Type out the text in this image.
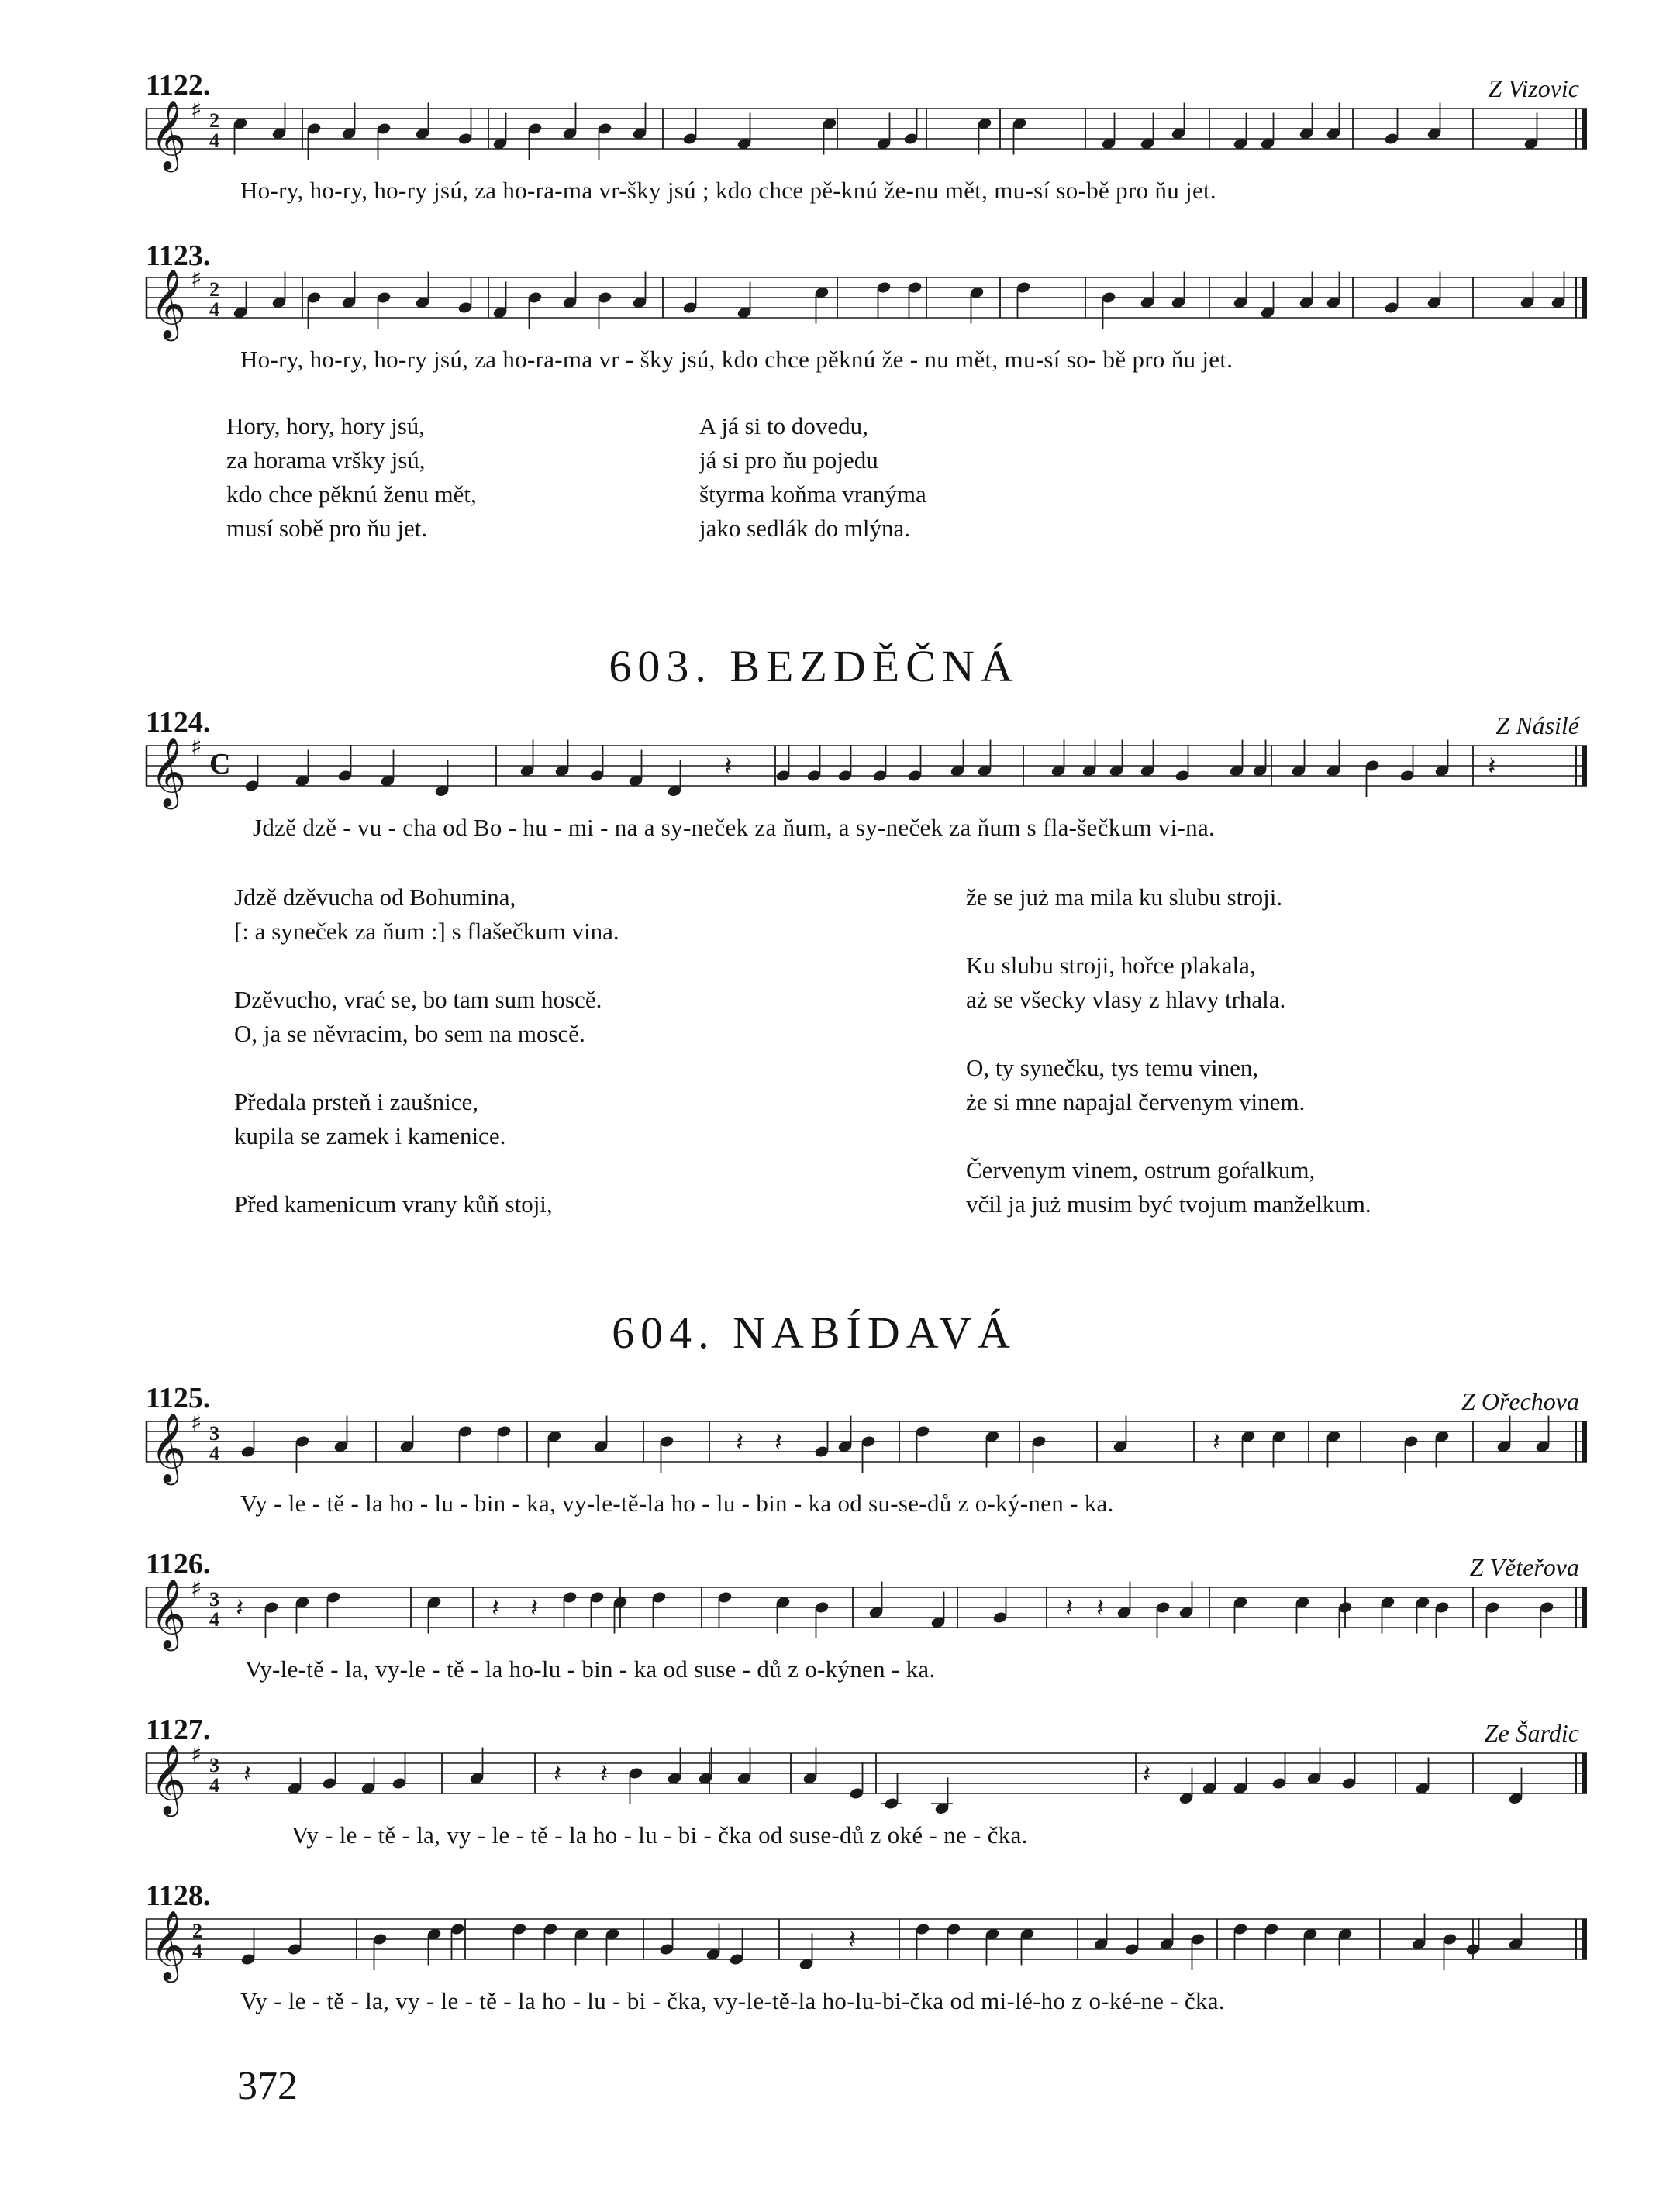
1122.	Z Vizovic
𝄞 ♯ 2
4
Ho-ry, ho-ry, ho-ry jsú, za ho-ra-ma vr-šky jsú ; kdo chce pě-knú že-nu mět, mu-sí so-bě pro ňu jet.
1123.
𝄞 ♯ 2
4
Ho-ry, ho-ry, ho-ry jsú, za ho-ra-ma vr - šky jsú, kdo chce pěknú že - nu mět, mu-sí so- bě pro ňu jet.
Hory, hory, hory jsú,
za horama vršky jsú,
kdo chce pěknú ženu mět,
musí sobě pro ňu jet.
A já si to dovedu,
já si pro ňu pojedu
štyrma koňma vranýma
jako sedlák do mlýna.
603. BEZDĚČNÁ
1124.	Z Násilé
𝄞 ♯
C	𝄽	𝄽
Jdzě dzě - vu - cha od Bo - hu - mi - na a sy-neček za ňum, a sy-neček za ňum s fla-šečkum vi-na.
Jdzě dzěvucha od Bohumina,
[: a syneček za ňum :] s flašečkum vina.
Dzěvucho, vrać se, bo tam sum hoscě.
O, ja se něvracim, bo sem na moscě.
Předala prsteň i zaušnice,
kupila se zamek i kamenice.
Před kamenicum vrany kůň stoji,
že se już ma mila ku slubu stroji.
Ku slubu stroji, hořce plakala,
aż se všecky vlasy z hlavy trhala.
O, ty synečku, tys temu vinen,
że si mne napajal červenym vinem.
Červenym vinem, ostrum goŕalkum,
včil ja już musim być tvojum manželkum.
604. NABÍDAVÁ
1125.	Z Ořechova
𝄞 ♯ 3
4	𝄽 𝄽	𝄽
Vy - le - tě - la ho - lu - bin - ka, vy-le-tě-la ho - lu - bin - ka od su-se-dů z o-ký-nen - ka.
1126.	Z Věteřova
𝄞 ♯ 3
4 𝄽	𝄽 𝄽	𝄽 𝄽
Vy-le-tě - la, vy-le - tě - la ho-lu - bin - ka od suse - dů z o-kýnen - ka.
1127.	Ze Šardic
𝄞 ♯ 3
4 𝄽	𝄽 𝄽	𝄽
Vy - le - tě - la, vy - le - tě - la ho - lu - bi - čka od suse-dů z oké - ne - čka.
1128.
𝄞 2
4	𝄽
Vy - le - tě - la, vy - le - tě - la ho - lu - bi - čka, vy-le-tě-la ho-lu-bi-čka od mi-lé-ho z o-ké-ne - čka.
372
